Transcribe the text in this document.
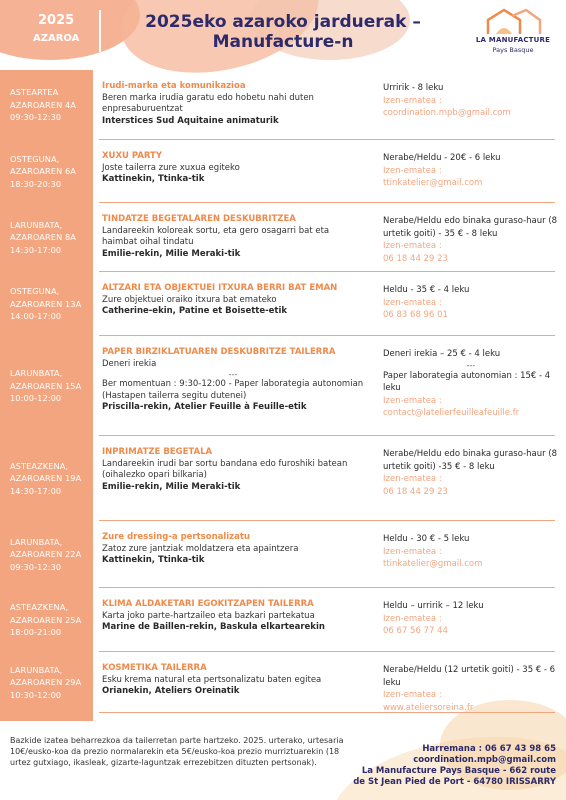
2025
AZAROA
2025eko azaroko jarduerak –
Manufacture-n	LA MANUFACTURE
Pays Basque
ASTEARTEA
AZAROAREN 4A
09:30-12:30
Irudi-marka eta komunikazioa
Beren marka irudia garatu edo hobetu nahi duten enpresaburuentzat
Interstices Sud Aquitaine animaturik
Urririk - 8 leku
Izen-ematea :
coordination.mpb@gmail.com
OSTEGUNA,
AZAROAREN 6A
18:30-20:30
XUXU PARTY
Joste tailerra zure xuxua egiteko
Kattinekin, Ttinka-tik
Nerabe/Heldu - 20€ - 6 leku
Izen-ematea :
ttinkatelier@gmail.com
LARUNBATA,
AZAROAREN 8A
14:30-17:00
TINDATZE BEGETALAREN DESKUBRITZEA
Landareekin koloreak sortu, eta gero osagarri bat eta haimbat oihal tindatu
Emilie-rekin, Milie Meraki-tik
Nerabe/Heldu edo binaka guraso-haur (8 urtetik goiti) - 35 € - 8 leku
Izen-ematea :
06 18 44 29 23
OSTEGUNA,
AZAROAREN 13A
14:00-17:00
ALTZARI ETA OBJEKTUEI ITXURA BERRI BAT EMAN
Zure objektuei oraiko itxura bat emateko
Catherine-ekin, Patine et Boisette-etik
Heldu - 35 € - 4 leku
Izen-ematea :
06 83 68 96 01
LARUNBATA,
AZAROAREN 15A
10:00-12:00
PAPER BIRZIKLATUAREN DESKUBRITZE TAILERRA
Deneri irekia
---
Ber momentuan : 9:30-12:00 - Paper laborategia autonomian (Hastapen tailerra segitu dutenei)
Priscilla-rekin, Atelier Feuille à Feuille-etik
Deneri irekia – 25 € - 4 leku
---
Paper laborategia autonomian : 15€ - 4 leku
Izen-ematea :
contact@latelierfeuilleafeuille.fr
ASTEAZKENA,
AZAROAREN 19A
14:30-17:00
INPRIMATZE BEGETALA
Landareekin irudi bar sortu bandana edo furoshiki batean (oihalezko opari bilkaria)
Emilie-rekin, Milie Meraki-tik
Nerabe/Heldu edo binaka guraso-haur (8 urtetik goiti) -35 € - 8 leku
Izen-ematea :
06 18 44 29 23
LARUNBATA,
AZAROAREN 22A
09:30-12:30
Zure dressing-a pertsonalizatu
Zatoz zure jantziak moldatzera eta apaintzera
Kattinekin, Ttinka-tik
Heldu - 30 € - 5 leku
Izen-ematea :
ttinkatelier@gmail.com
ASTEAZKENA,
AZAROAREN 25A
18:00-21:00
KLIMA ALDAKETARI EGOKITZAPEN TAILERRA
Karta joko parte-hartzaileo eta bazkari partekatua
Marine de Baillen-rekin, Baskula elkartearekin
Heldu – urririk – 12 leku
Izen-ematea :
06 67 56 77 44
LARUNBATA,
AZAROAREN 29A
10:30-12:00
KOSMETIKA TAILERRA
Esku krema natural eta pertsonalizatu baten egitea
Orianekin, Ateliers Oreinatik
Nerabe/Heldu (12 urtetik goiti) - 35 € - 6 leku
Izen-ematea :
www.ateliersoreina.fr
Bazkide izatea beharrezkoa da tailerretan parte hartzeko. 2025. urterako, urtesaria 10€/eusko-koa da prezio normalarekin eta 5€/eusko-koa prezio murriztuarekin (18 urtez gutxiago, ikasleak, gizarte-laguntzak errezebitzen dituzten pertsonak).
Harremana : 06 67 43 98 65
coordination.mpb@gmail.com
La Manufacture Pays Basque - 662 route
de St Jean Pied de Port - 64780 IRISSARRY
